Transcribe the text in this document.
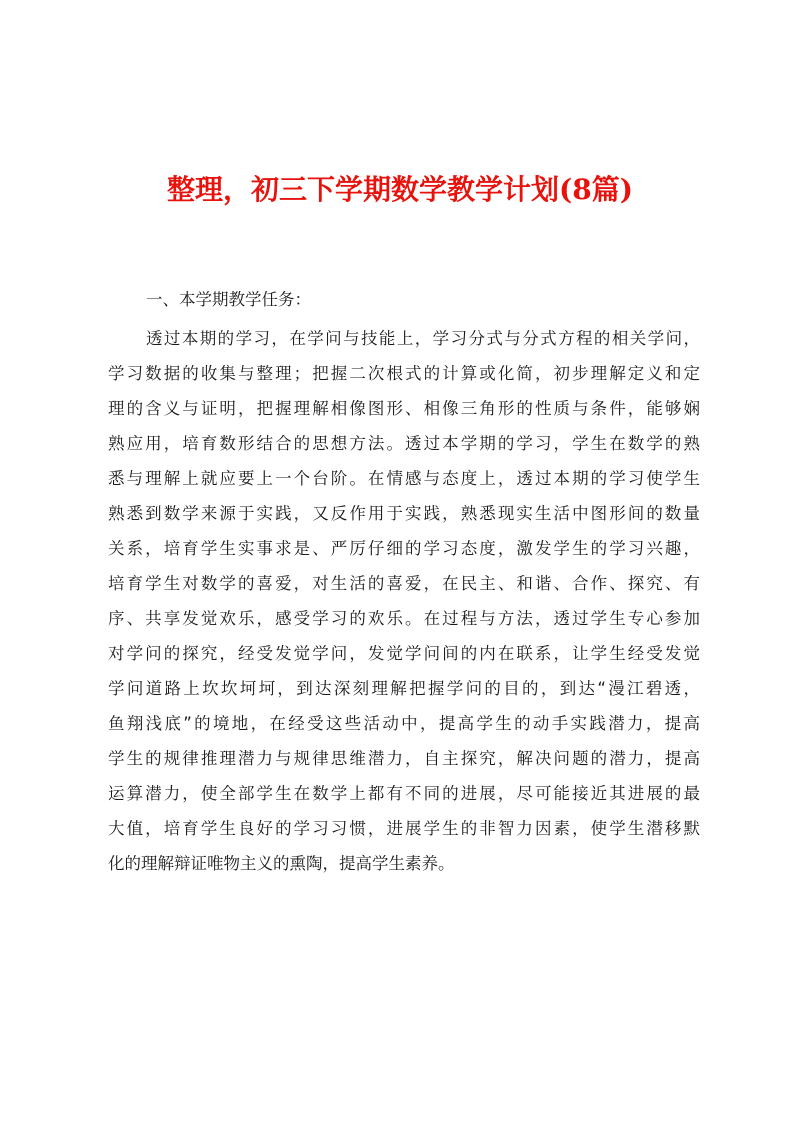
整理，初三下学期数学教学计划(8篇)
一、本学期教学任务：
透过本期的学习，在学问与技能上，学习分式与分式方程的相关学问，
学习数据的收集与整理；把握二次根式的计算或化简，初步理解定义和定
理的含义与证明，把握理解相像图形、相像三角形的性质与条件，能够娴
熟应用，培育数形结合的思想方法。透过本学期的学习，学生在数学的熟
悉与理解上就应要上一个台阶。在情感与态度上，透过本期的学习使学生
熟悉到数学来源于实践，又反作用于实践，熟悉现实生活中图形间的数量
关系，培育学生实事求是、严厉仔细的学习态度，激发学生的学习兴趣，
培育学生对数学的喜爱，对生活的喜爱，在民主、和谐、合作、探究、有
序、共享发觉欢乐，感受学习的欢乐。在过程与方法，透过学生专心参加
对学问的探究，经受发觉学问，发觉学问间的内在联系，让学生经受发觉
学问道路上坎坎坷坷，到达深刻理解把握学问的目的，到达“漫江碧透，
鱼翔浅底”的境地，在经受这些活动中，提高学生的动手实践潜力，提高
学生的规律推理潜力与规律思维潜力，自主探究，解决问题的潜力，提高
运算潜力，使全部学生在数学上都有不同的进展，尽可能接近其进展的最
大值，培育学生良好的学习习惯，进展学生的非智力因素，使学生潜移默
化的理解辩证唯物主义的熏陶，提高学生素养。
